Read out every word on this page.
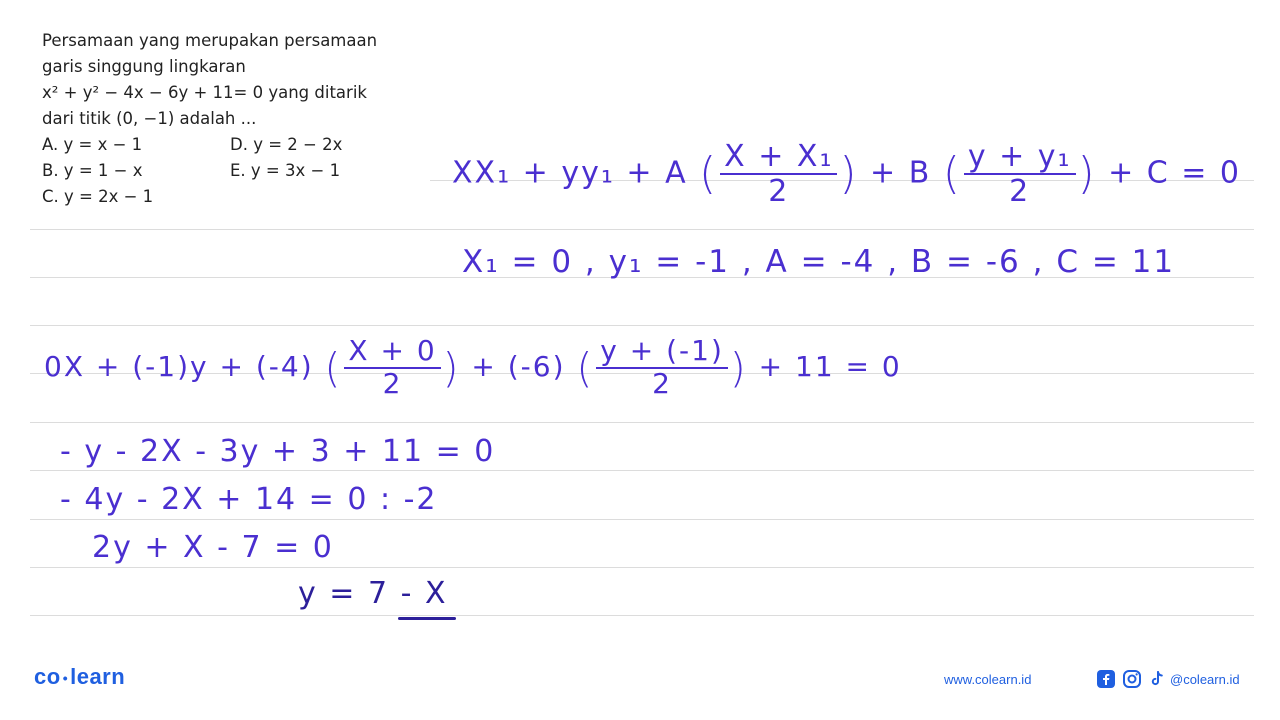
Persamaan yang merupakan persamaan
garis singgung lingkaran
x² + y² − 4x − 6y + 11= 0 yang ditarik
dari titik (0, −1) adalah ...
A. y = x − 1
B. y = 1 − x
C. y = 2x − 1
D. y = 2 − 2x
E. y = 3x − 1	XX₁ + yy₁ + A ( $\frac{\text{X + X₁}}{2}$ ) + B ( $\frac{\text{y + y₁}}{2}$ ) + C = 0
X₁ = 0 , y₁ = -1 , A = -4 , B = -6 , C = 11
0X + (-1)y + (-4) ( $\frac{X + 0}{2}$ ) + (-6) ( $\frac{y + (-1)}{2}$ ) + 11 = 0
- y - 2X - 3y + 3 + 11 = 0
- 4y - 2X + 14 = 0 : -2
2y + X - 7 = 0
y = 7 - X
co •learn	www.colearn.id	@colearn.id
